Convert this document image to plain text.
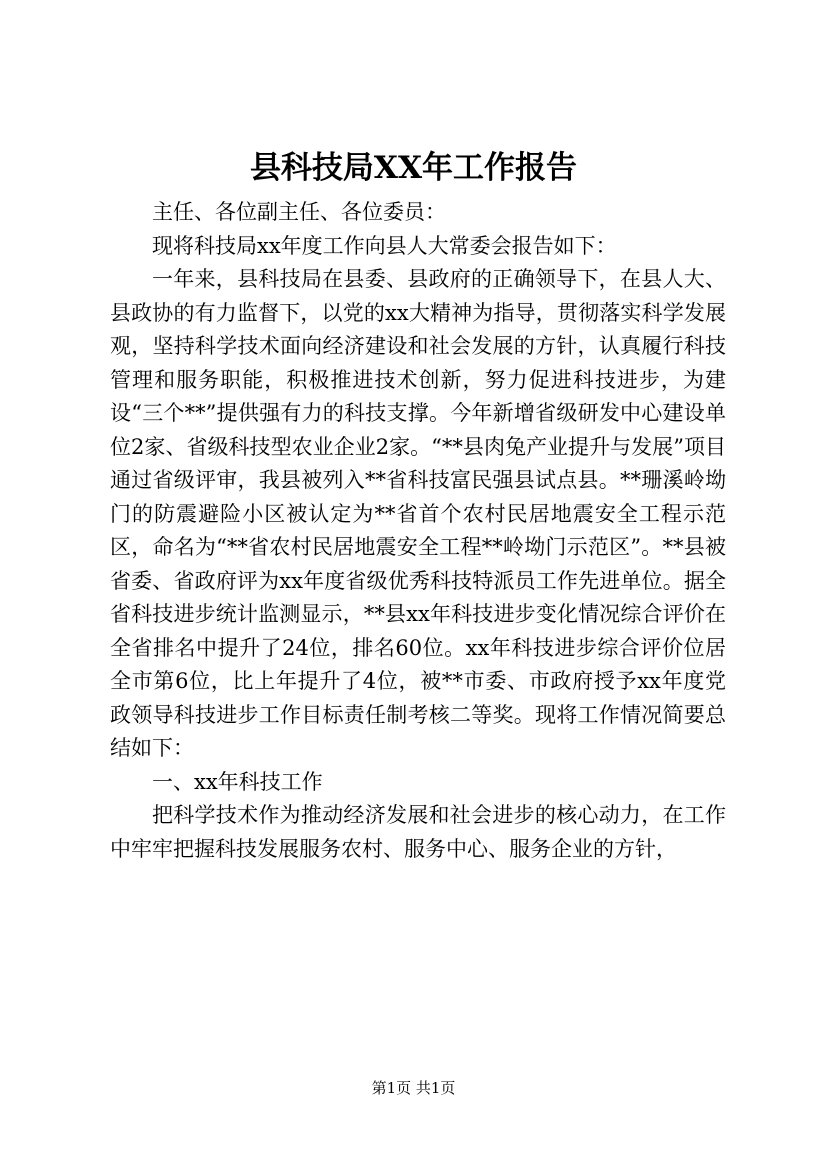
县科技局XX年工作报告

主任、各位副主任、各位委员：

现将科技局xx年度工作向县人大常委会报告如下：

一年来，县科技局在县委、县政府的正确领导下，在县人大、县政协的有力监督下，以党的xx大精神为指导，贯彻落实科学发展观，坚持科学技术面向经济建设和社会发展的方针，认真履行科技管理和服务职能，积极推进技术创新，努力促进科技进步，为建设“三个**”提供强有力的科技支撑。今年新增省级研发中心建设单位2家、省级科技型农业企业2家。“**县肉兔产业提升与发展”项目通过省级评审，我县被列入**省科技富民强县试点县。**珊溪岭坳门的防震避险小区被认定为**省首个农村民居地震安全工程示范区，命名为“**省农村民居地震安全工程**岭坳门示范区”。**县被省委、省政府评为xx年度省级优秀科技特派员工作先进单位。据全省科技进步统计监测显示，**县xx年科技进步变化情况综合评价在全省排名中提升了24位，排名60位。xx年科技进步综合评价位居全市第6位，比上年提升了4位，被**市委、市政府授予xx年度党政领导科技进步工作目标责任制考核二等奖。现将工作情况简要总结如下：

一、xx年科技工作

把科学技术作为推动经济发展和社会进步的核心动力，在工作中牢牢把握科技发展服务农村、服务中心、服务企业的方针，

第1页 共1页
